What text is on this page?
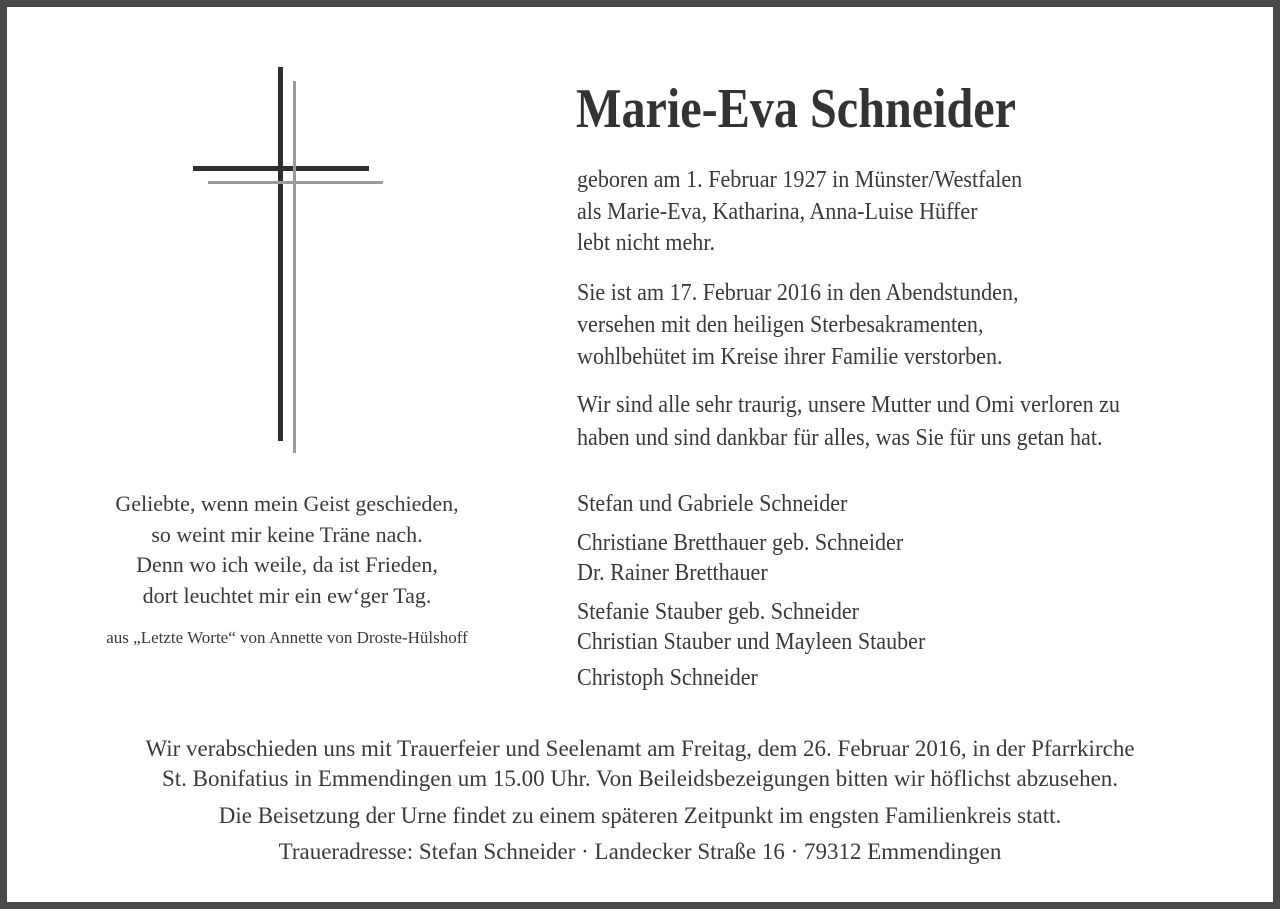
Marie-Eva Schneider
geboren am 1. Februar 1927 in Münster/Westfalen
als Marie-Eva, Katharina, Anna-Luise Hüffer
lebt nicht mehr.
Sie ist am 17. Februar 2016 in den Abendstunden,
versehen mit den heiligen Sterbesakramenten,
wohlbehütet im Kreise ihrer Familie verstorben.
Wir sind alle sehr traurig, unsere Mutter und Omi verloren zu
haben und sind dankbar für alles, was Sie für uns getan hat.
Stefan und Gabriele Schneider
Christiane Bretthauer geb. Schneider
Dr. Rainer Bretthauer
Stefanie Stauber geb. Schneider
Christian Stauber und Mayleen Stauber
Christoph Schneider
Geliebte, wenn mein Geist geschieden,
so weint mir keine Träne nach.
Denn wo ich weile, da ist Frieden,
dort leuchtet mir ein ew‘ger Tag.
aus „Letzte Worte“ von Annette von Droste-Hülshoff
Wir verabschieden uns mit Trauerfeier und Seelenamt am Freitag, dem 26. Februar 2016, in der Pfarrkirche
St. Bonifatius in Emmendingen um 15.00 Uhr. Von Beileidsbezeigungen bitten wir höflichst abzusehen.
Die Beisetzung der Urne findet zu einem späteren Zeitpunkt im engsten Familienkreis statt.
Traueradresse: Stefan Schneider · Landecker Straße 16 · 79312 Emmendingen
